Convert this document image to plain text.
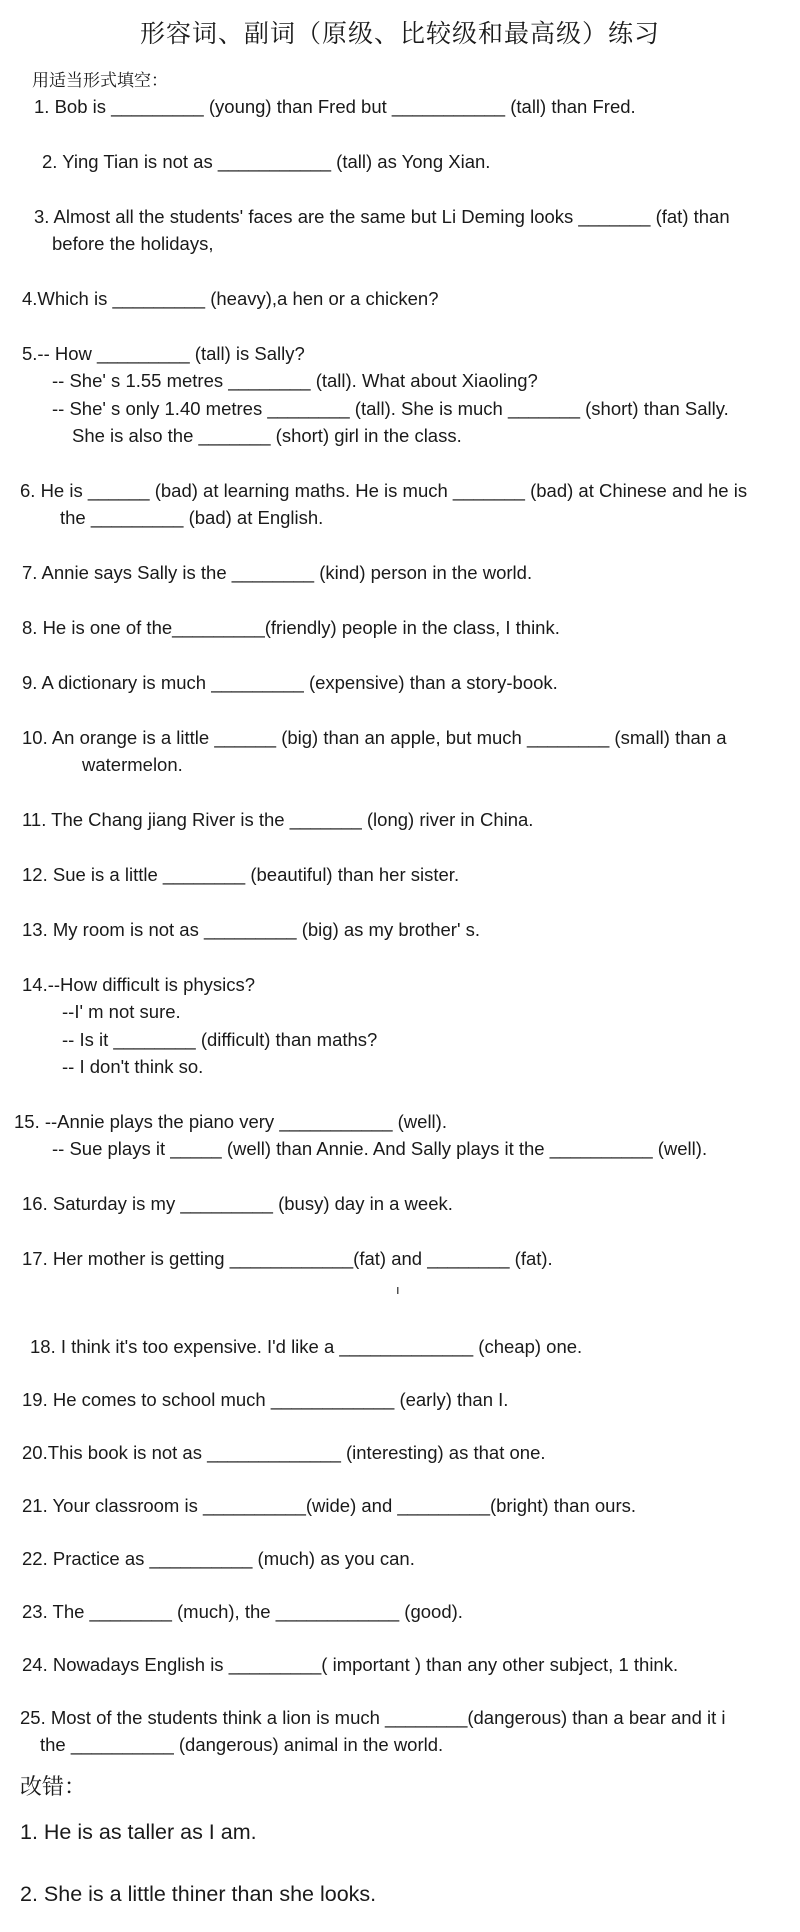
形容词、副词（原级、比较级和最高级）练习
用适当形式填空：
1. Bob is _________ (young) than Fred but ___________ (tall) than Fred.
2. Ying Tian is not as ___________ (tall) as Yong Xian.
3. Almost all the students' faces are the same but Li Deming looks _______ (fat) than
before the holidays,
4.Which is _________ (heavy),a hen or a chicken?
5.-- How _________ (tall) is Sally?
-- She' s 1.55 metres ________ (tall). What about Xiaoling?
-- She' s only 1.40 metres ________ (tall). She is much _______ (short) than Sally.
She is also the _______ (short) girl in the class.
6. He is ______ (bad) at learning maths. He is much _______ (bad) at Chinese and he is
the _________ (bad) at English.
7. Annie says Sally is the ________ (kind) person in the world.
8. He is one of the_________(friendly) people in the class, I think.
9. A dictionary is much _________ (expensive) than a story-book.
10. An orange is a little ______ (big) than an apple, but much ________ (small) than a
watermelon.
11. The Chang jiang River is the _______ (long) river in China.
12. Sue is a little ________ (beautiful) than her sister.
13. My room is not as _________ (big) as my brother' s.
14.--How difficult is physics?
--I' m not sure.
-- Is it ________ (difficult) than maths?
-- I don't think so.
15. --Annie plays the piano very ___________ (well).
-- Sue plays it _____ (well) than Annie. And Sally plays it the __________ (well).
16. Saturday is my _________ (busy) day in a week.
17. Her mother is getting ____________(fat) and ________ (fat).
ı
18. I think it's too expensive. I'd like a _____________ (cheap) one.
19. He comes to school much ____________ (early) than I.
20.This book is not as _____________ (interesting) as that one.
21. Your classroom is __________(wide) and _________(bright) than ours.
22. Practice as __________ (much) as you can.
23. The ________ (much), the ____________ (good).
24. Nowadays English is _________( important ) than any other subject, 1 think.
25. Most of the students think a lion is much ________(dangerous) than a bear and it i
the __________ (dangerous) animal in the world.
改错：
1. He is as taller as I am.
2. She is a little thiner than she looks.
